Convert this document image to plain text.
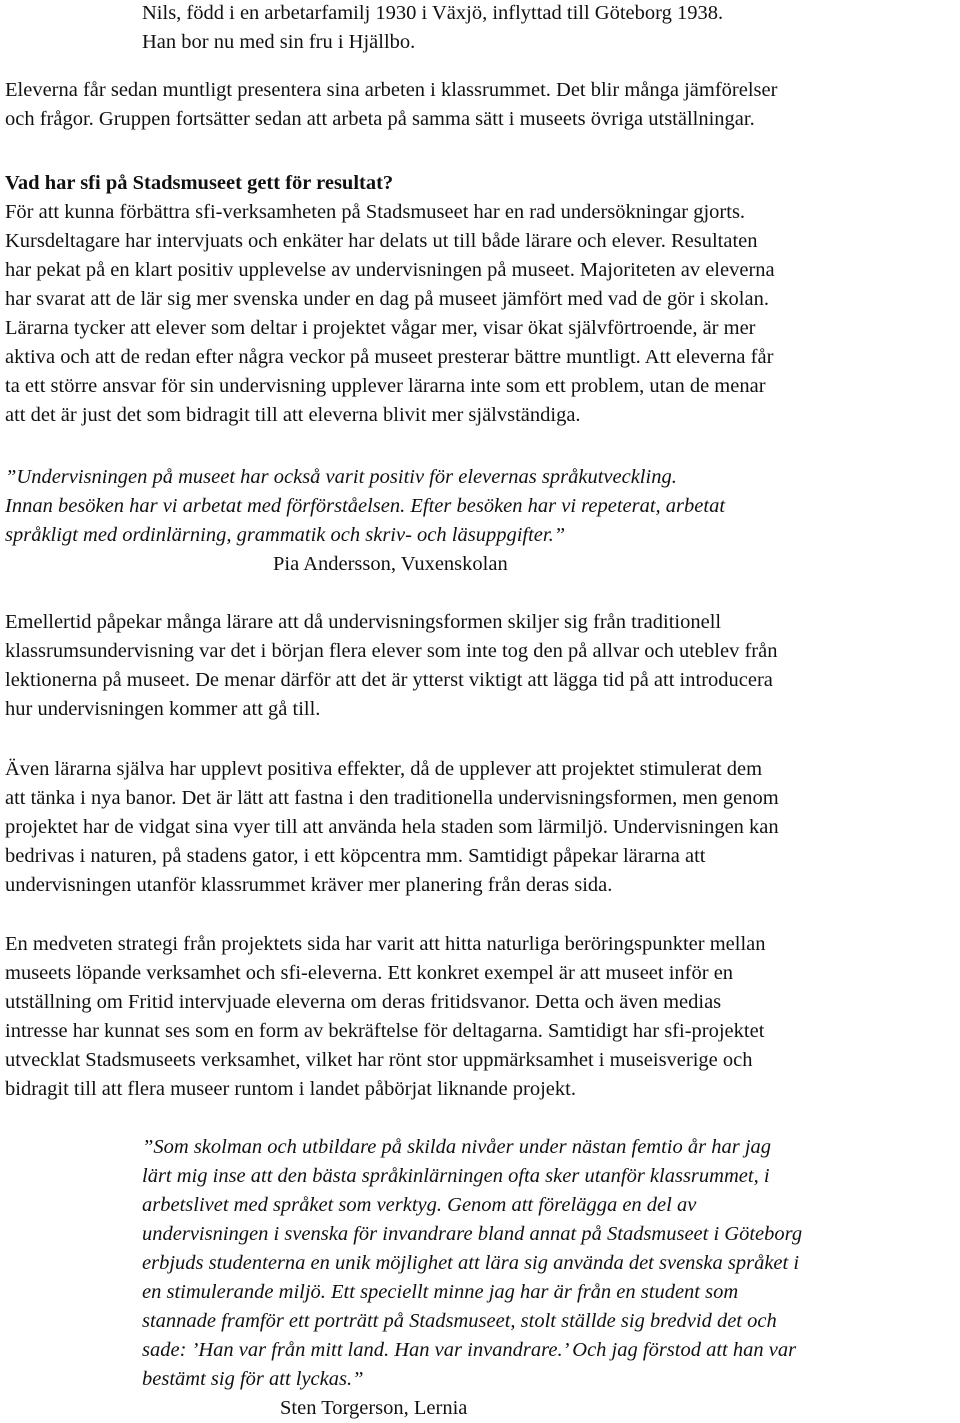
Nils, född i en arbetarfamilj 1930 i Växjö, inflyttad till Göteborg 1938.
Han bor nu med sin fru i Hjällbo.
Eleverna får sedan muntligt presentera sina arbeten i klassrummet. Det blir många jämförelser
och frågor. Gruppen fortsätter sedan att arbeta på samma sätt i museets övriga utställningar.
Vad har sfi på Stadsmuseet gett för resultat?
För att kunna förbättra sfi-verksamheten på Stadsmuseet har en rad undersökningar gjorts.
Kursdeltagare har intervjuats och enkäter har delats ut till både lärare och elever. Resultaten
har pekat på en klart positiv upplevelse av undervisningen på museet. Majoriteten av eleverna
har svarat att de lär sig mer svenska under en dag på museet jämfört med vad de gör i skolan.
Lärarna tycker att elever som deltar i projektet vågar mer, visar ökat självförtroende, är mer
aktiva och att de redan efter några veckor på museet presterar bättre muntligt. Att eleverna får
ta ett större ansvar för sin undervisning upplever lärarna inte som ett problem, utan de menar
att det är just det som bidragit till att eleverna blivit mer självständiga.
”Undervisningen på museet har också varit positiv för elevernas språkutveckling.
Innan besöken har vi arbetat med förförståelsen. Efter besöken har vi repeterat, arbetat
språkligt med ordinlärning, grammatik och skriv- och läsuppgifter.”
Pia Andersson, Vuxenskolan
Emellertid påpekar många lärare att då undervisningsformen skiljer sig från traditionell
klassrumsundervisning var det i början flera elever som inte tog den på allvar och uteblev från
lektionerna på museet. De menar därför att det är ytterst viktigt att lägga tid på att introducera
hur undervisningen kommer att gå till.
Även lärarna själva har upplevt positiva effekter, då de upplever att projektet stimulerat dem
att tänka i nya banor. Det är lätt att fastna i den traditionella undervisningsformen, men genom
projektet har de vidgat sina vyer till att använda hela staden som lärmiljö. Undervisningen kan
bedrivas i naturen, på stadens gator, i ett köpcentra mm. Samtidigt påpekar lärarna att
undervisningen utanför klassrummet kräver mer planering från deras sida.
En medveten strategi från projektets sida har varit att hitta naturliga beröringspunkter mellan
museets löpande verksamhet och sfi-eleverna. Ett konkret exempel är att museet inför en
utställning om Fritid intervjuade eleverna om deras fritidsvanor. Detta och även medias
intresse har kunnat ses som en form av bekräftelse för deltagarna. Samtidigt har sfi-projektet
utvecklat Stadsmuseets verksamhet, vilket har rönt stor uppmärksamhet i museisverige och
bidragit till att flera museer runtom i landet påbörjat liknande projekt.
”Som skolman och utbildare på skilda nivåer under nästan femtio år har jag
lärt mig inse att den bästa språkinlärningen ofta sker utanför klassrummet, i
arbetslivet med språket som verktyg. Genom att förelägga en del av
undervisningen i svenska för invandrare bland annat på Stadsmuseet i Göteborg
erbjuds studenterna en unik möjlighet att lära sig använda det svenska språket i
en stimulerande miljö. Ett speciellt minne jag har är från en student som
stannade framför ett porträtt på Stadsmuseet, stolt ställde sig bredvid det och
sade: ’Han var från mitt land. Han var invandrare.’ Och jag förstod att han var
bestämt sig för att lyckas.”
Sten Torgerson, Lernia
